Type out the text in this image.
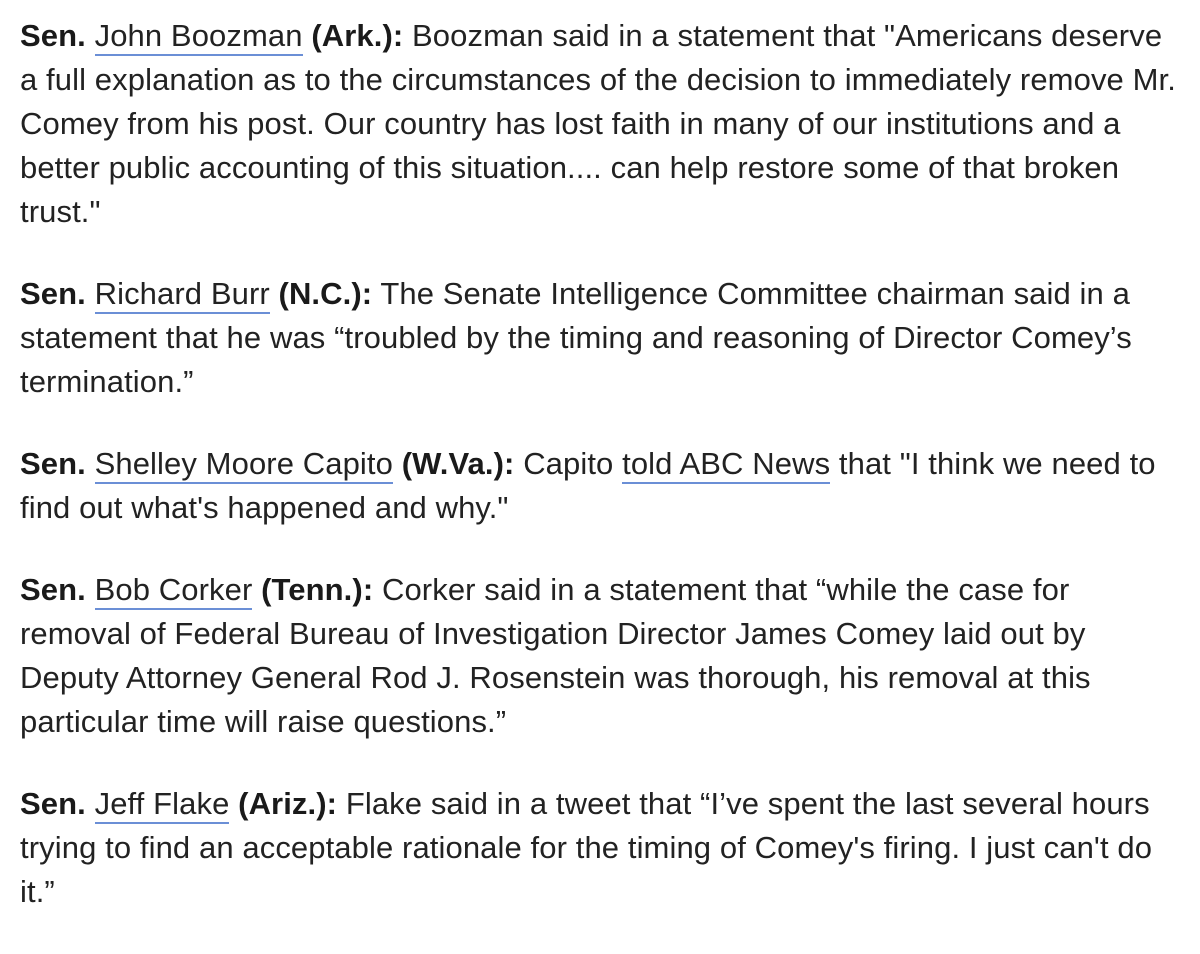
Sen. John Boozman (Ark.): Boozman said in a statement that "Americans deserve a full explanation as to the circumstances of the decision to immediately remove Mr. Comey from his post. Our country has lost faith in many of our institutions and a better public accounting of this situation.... can help restore some of that broken trust."

Sen. Richard Burr (N.C.): The Senate Intelligence Committee chairman said in a statement that he was “troubled by the timing and reasoning of Director Comey’s termination.”

Sen. Shelley Moore Capito (W.Va.): Capito told ABC News that "I think we need to find out what's happened and why."

Sen. Bob Corker (Tenn.): Corker said in a statement that “while the case for removal of Federal Bureau of Investigation Director James Comey laid out by Deputy Attorney General Rod J. Rosenstein was thorough, his removal at this particular time will raise questions.”

Sen. Jeff Flake (Ariz.): Flake said in a tweet that “I’ve spent the last several hours trying to find an acceptable rationale for the timing of Comey's firing. I just can't do it.”
